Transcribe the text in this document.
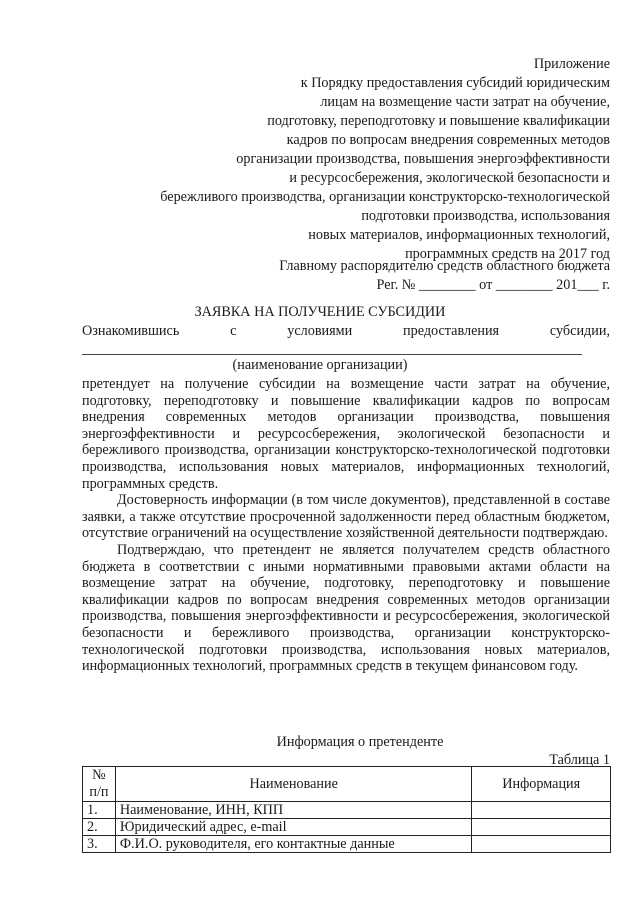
Приложение
к Порядку предоставления субсидий юридическим
лицам на возмещение части затрат на обучение,
подготовку, переподготовку и повышение квалификации
кадров по вопросам внедрения современных методов
организации производства, повышения энергоэффективности
и ресурсосбережения, экологической безопасности и
бережливого производства, организации конструкторско-технологической
подготовки производства, использования
новых материалов, информационных технологий,
программных средств на 2017 год
Главному распорядителю средств областного бюджета
Рег. № ________ от ________ 201___ г.
ЗАЯВКА НА ПОЛУЧЕНИЕ СУБСИДИИ
Ознакомившись с условиями предоставления субсидии,
(наименование организации)

претендует на получение субсидии на возмещение части затрат на обучение, подготовку, переподготовку и повышение квалификации кадров по вопросам внедрения современных методов организации производства, повышения энергоэффективности и ресурсосбережения, экологической безопасности и бережливого производства, организации конструкторско-технологической подготовки производства, использования новых материалов, информационных технологий, программных средств.

Достоверность информации (в том числе документов), представленной в составе заявки, а также отсутствие просроченной задолженности перед областным бюджетом, отсутствие ограничений на осуществление хозяйственной деятельности подтверждаю.

Подтверждаю, что претендент не является получателем средств областного бюджета в соответствии с иными нормативными правовыми актами области на возмещение затрат на обучение, подготовку, переподготовку и повышение квалификации кадров по вопросам внедрения современных методов организации производства, повышения энергоэффективности и ресурсосбережения, экологической безопасности и бережливого производства, организации конструкторско-технологической подготовки производства, использования новых материалов, информационных технологий, программных средств в текущем финансовом году.

Информация о претенденте
Таблица 1
№
п/п	Наименование	Информация
1.	Наименование, ИНН, КПП	
2.	Юридический адрес, e-mail	
3.	Ф.И.О. руководителя, его контактные данные	
